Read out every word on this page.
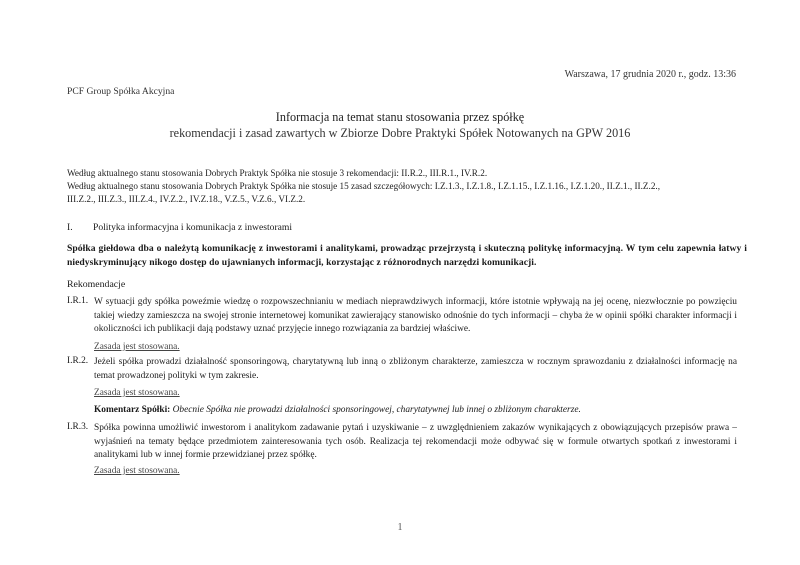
Warszawa, 17 grudnia 2020 r., godz. 13:36
PCF Group Spółka Akcyjna
Informacja na temat stanu stosowania przez spółkę
rekomendacji i zasad zawartych w Zbiorze Dobre Praktyki Spółek Notowanych na GPW 2016
Według aktualnego stanu stosowania Dobrych Praktyk Spółka nie stosuje 3 rekomendacji: II.R.2., III.R.1., IV.R.2.
Według aktualnego stanu stosowania Dobrych Praktyk Spółka nie stosuje 15 zasad szczegółowych: I.Z.1.3., I.Z.1.8., I.Z.1.15., I.Z.1.16., I.Z.1.20., II.Z.1., II.Z.2.,
III.Z.2., III.Z.3., III.Z.4., IV.Z.2., IV.Z.18., V.Z.5., V.Z.6., VI.Z.2.
I. Polityka informacyjna i komunikacja z inwestorami
Spółka giełdowa dba o należytą komunikację z inwestorami i analitykami, prowadząc przejrzystą i skuteczną politykę informacyjną. W tym celu zapewnia łatwy i niedyskryminujący nikogo dostęp do ujawnianych informacji, korzystając z różnorodnych narzędzi komunikacji.
Rekomendacje
I.R.1. W sytuacji gdy spółka poweźmie wiedzę o rozpowszechnianiu w mediach nieprawdziwych informacji, które istotnie wpływają na jej ocenę, niezwłocznie po powzięciu takiej wiedzy zamieszcza na swojej stronie internetowej komunikat zawierający stanowisko odnośnie do tych informacji – chyba że w opinii spółki charakter informacji i okoliczności ich publikacji dają podstawy uznać przyjęcie innego rozwiązania za bardziej właściwe.
Zasada jest stosowana.
I.R.2. Jeżeli spółka prowadzi działalność sponsoringową, charytatywną lub inną o zbliżonym charakterze, zamieszcza w rocznym sprawozdaniu z działalności informację na temat prowadzonej polityki w tym zakresie.
Zasada jest stosowana.
Komentarz Spółki: Obecnie Spółka nie prowadzi działalności sponsoringowej, charytatywnej lub innej o zbliżonym charakterze.
I.R.3. Spółka powinna umożliwić inwestorom i analitykom zadawanie pytań i uzyskiwanie – z uwzględnieniem zakazów wynikających z obowiązujących przepisów prawa – wyjaśnień na tematy będące przedmiotem zainteresowania tych osób. Realizacja tej rekomendacji może odbywać się w formule otwartych spotkań z inwestorami i analitykami lub w innej formie przewidzianej przez spółkę.
Zasada jest stosowana.
1
